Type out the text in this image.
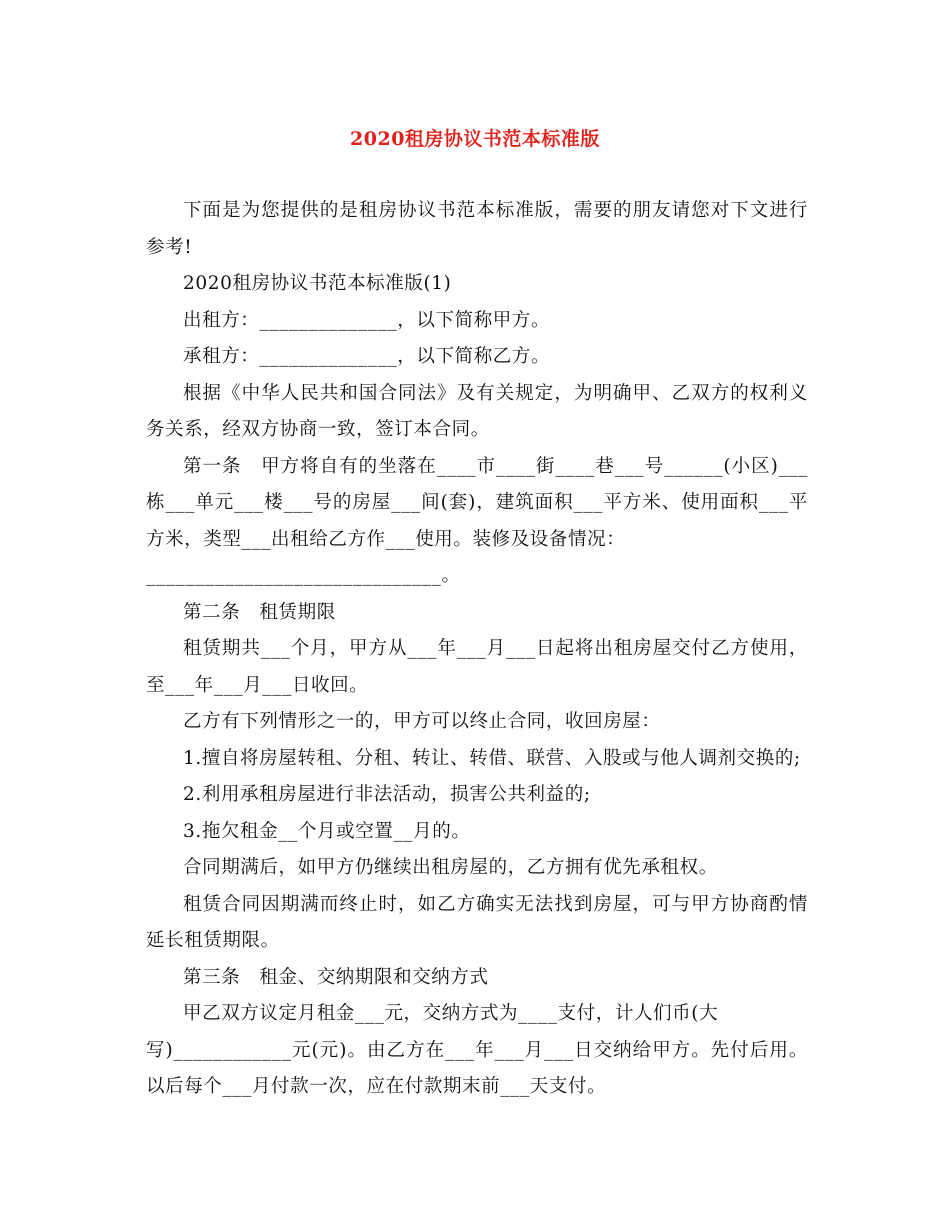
2020租房协议书范本标准版

下面是为您提供的是租房协议书范本标准版，需要的朋友请您对下文进行参考!

2020租房协议书范本标准版(1)

出租方：______________，以下简称甲方。

承租方：______________，以下简称乙方。

根据《中华人民共和国合同法》及有关规定，为明确甲、乙双方的权利义务关系，经双方协商一致，签订本合同。

第一条　甲方将自有的坐落在____市____街____巷___号______(小区)___栋___单元___楼___号的房屋___间(套)，建筑面积___平方米、使用面积___平方米，类型___出租给乙方作___使用。装修及设备情况：

______________________________。

第二条　租赁期限

租赁期共___个月，甲方从___年___月___日起将出租房屋交付乙方使用，至___年___月___日收回。

乙方有下列情形之一的，甲方可以终止合同，收回房屋：

1.擅自将房屋转租、分租、转让、转借、联营、入股或与他人调剂交换的;

2.利用承租房屋进行非法活动，损害公共利益的;

3.拖欠租金__个月或空置__月的。

合同期满后，如甲方仍继续出租房屋的，乙方拥有优先承租权。

租赁合同因期满而终止时，如乙方确实无法找到房屋，可与甲方协商酌情延长租赁期限。

第三条　租金、交纳期限和交纳方式

甲乙双方议定月租金___元，交纳方式为____支付，计人们币(大

写)____________元(元)。由乙方在___年___月___日交纳给甲方。先付后用。以后每个___月付款一次，应在付款期末前___天支付。
